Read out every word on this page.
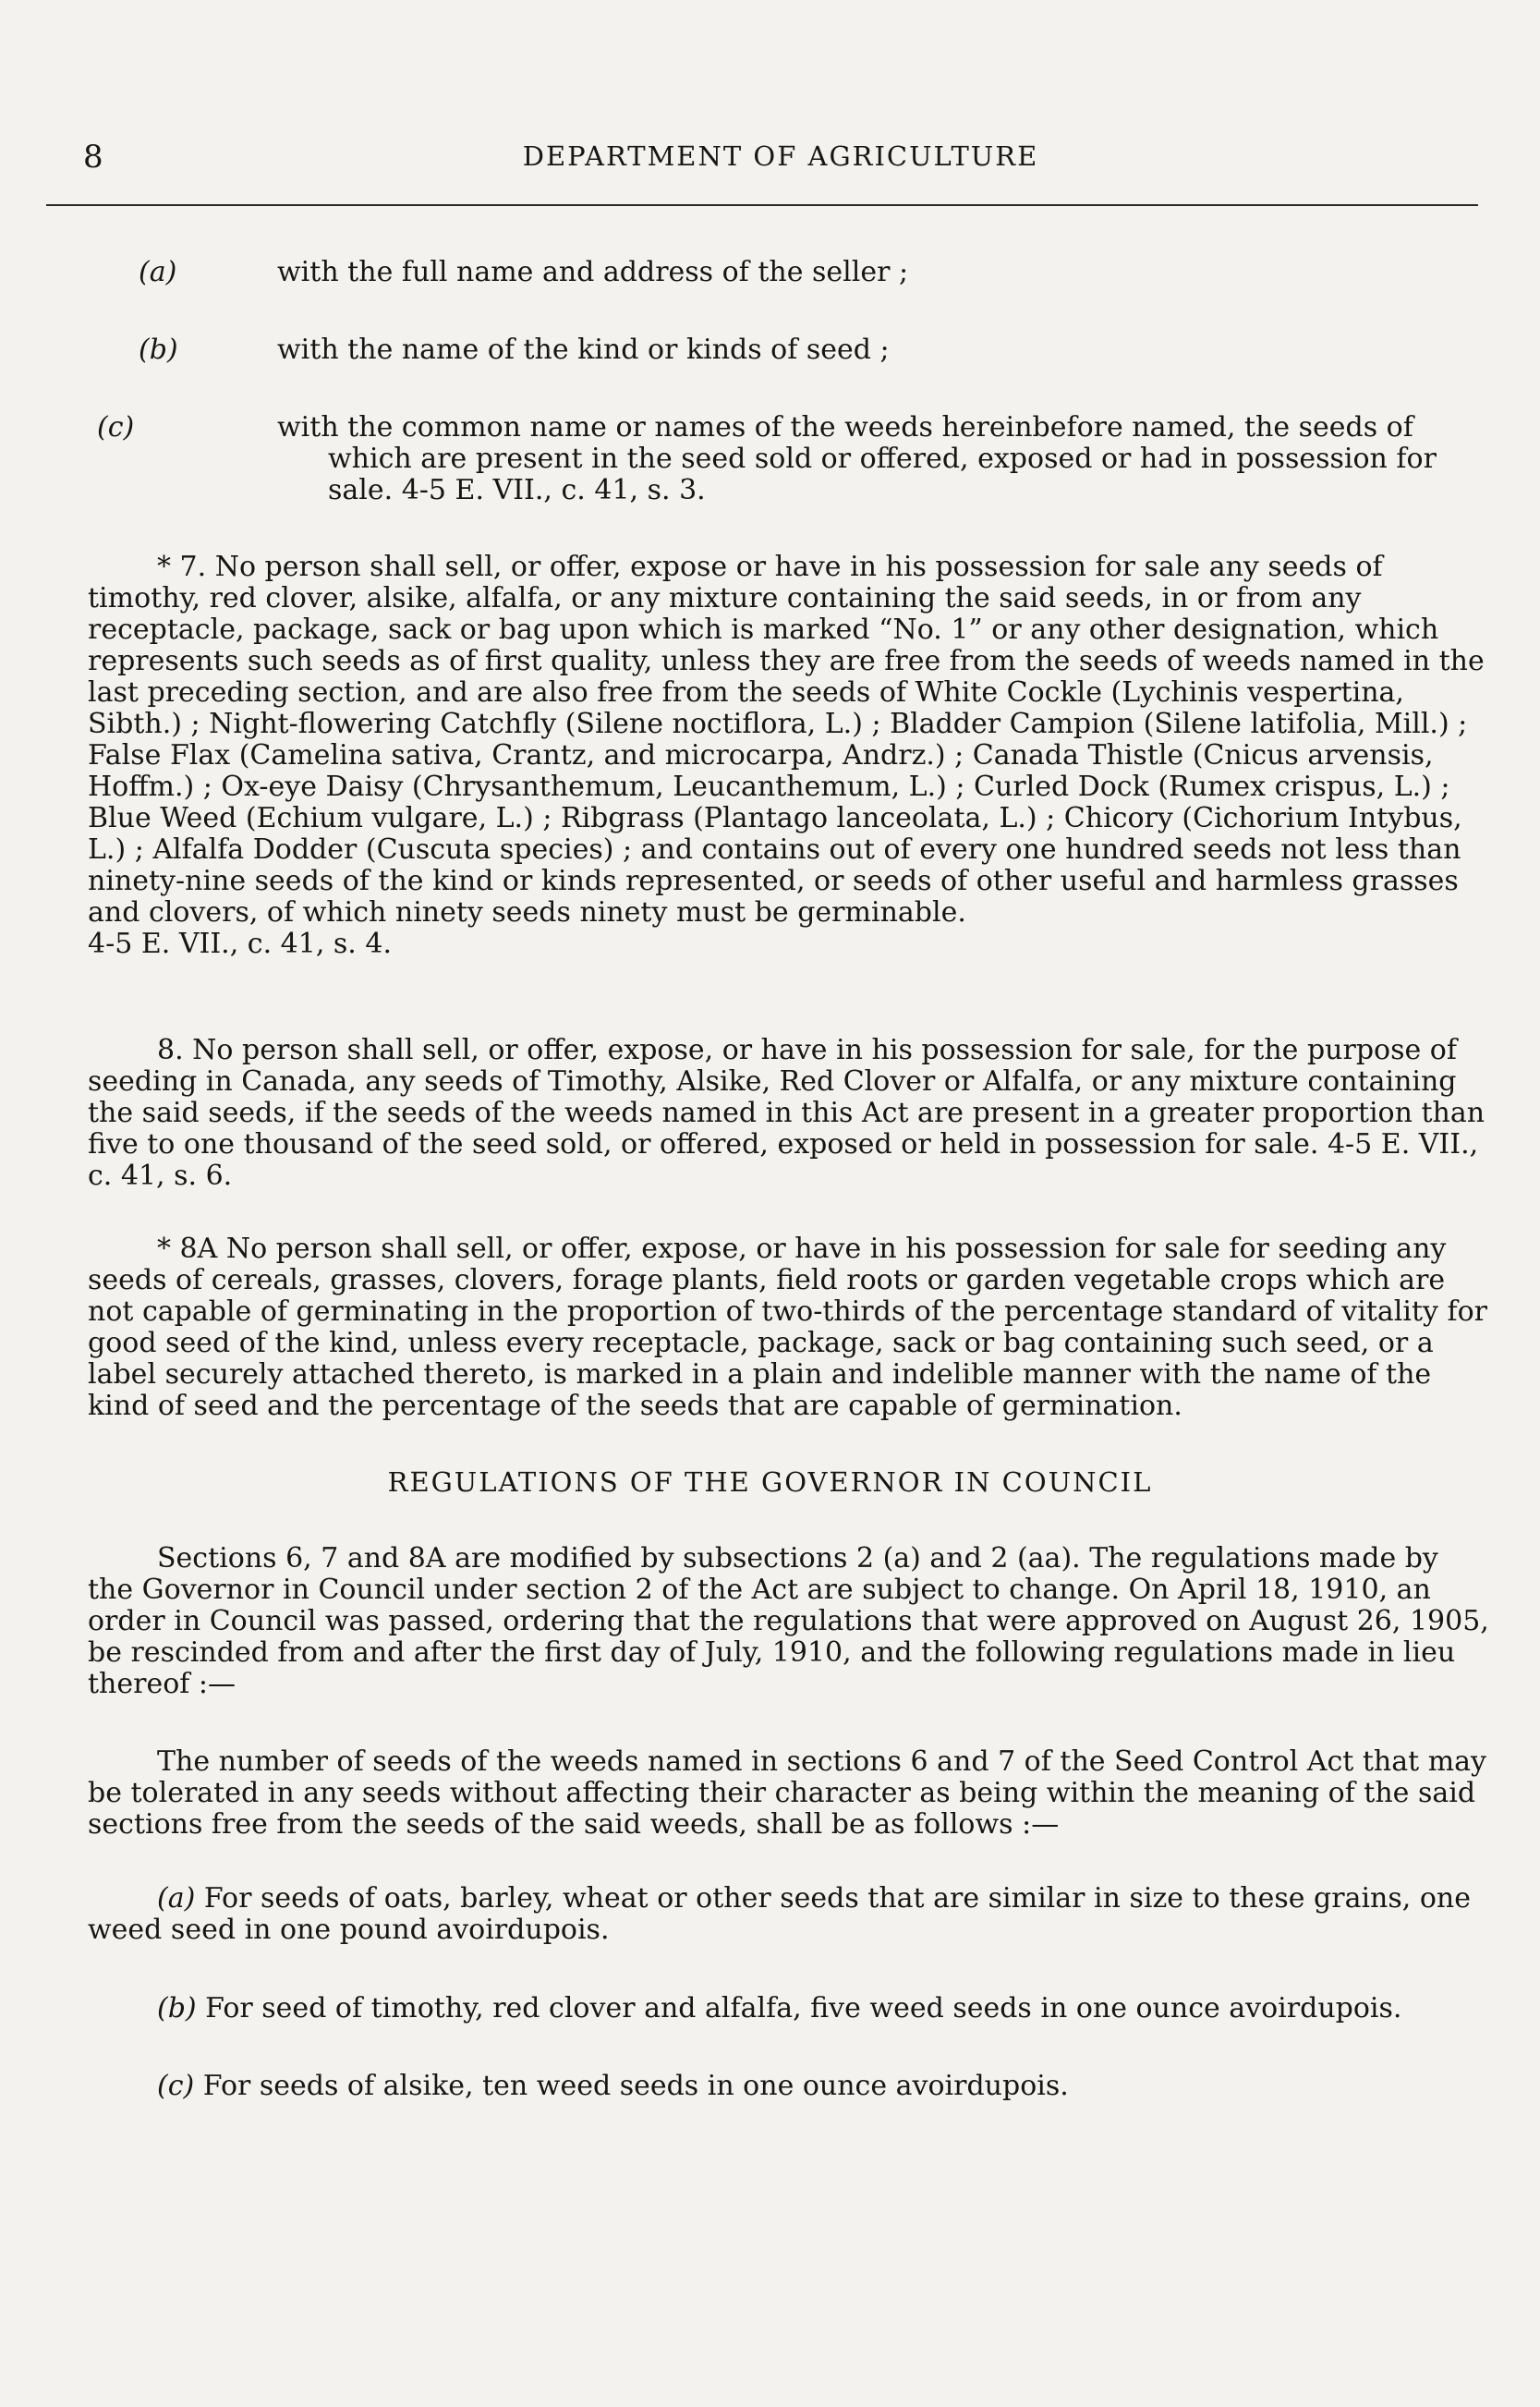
8	DEPARTMENT OF AGRICULTURE

(a)	with the full name and address of the seller ;

(b)	with the name of the kind or kinds of seed ;

(c)	with the common name or names of the weeds hereinbefore named, the seeds of which are present in the seed sold or offered, exposed or had in possession for sale. 4-5 E. VII., c. 41, s. 3.

* 7. No person shall sell, or offer, expose or have in his possession for sale any seeds of timothy, red clover, alsike, alfalfa, or any mixture containing the said seeds, in or from any receptacle, package, sack or bag upon which is marked “No. 1” or any other designation, which represents such seeds as of first quality, unless they are free from the seeds of weeds named in the last preceding section, and are also free from the seeds of White Cockle (Lychinis vespertina, Sibth.) ; Night-flowering Catchfly (Silene noctiflora, L.) ; Bladder Campion (Silene latifolia, Mill.) ; False Flax (Camelina sativa, Crantz, and microcarpa, Andrz.) ; Canada Thistle (Cnicus arvensis, Hoffm.) ; Ox-eye Daisy (Chrysanthemum, Leucanthemum, L.) ; Curled Dock (Rumex crispus, L.) ; Blue Weed (Echium vulgare, L.) ; Ribgrass (Plantago lanceolata, L.) ; Chicory (Cichorium Intybus, L.) ; Alfalfa Dodder (Cuscuta species) ; and contains out of every one hundred seeds not less than ninety-nine seeds of the kind or kinds represented, or seeds of other useful and harmless grasses and clovers, of which ninety seeds ninety must be germinable.

4-5 E. VII., c. 41, s. 4.

8. No person shall sell, or offer, expose, or have in his possession for sale, for the purpose of seeding in Canada, any seeds of Timothy, Alsike, Red Clover or Alfalfa, or any mixture containing the said seeds, if the seeds of the weeds named in this Act are present in a greater proportion than five to one thousand of the seed sold, or offered, exposed or held in possession for sale. 4-5 E. VII., c. 41, s. 6.

* 8A No person shall sell, or offer, expose, or have in his possession for sale for seeding any seeds of cereals, grasses, clovers, forage plants, field roots or garden vegetable crops which are not capable of germinating in the proportion of two-thirds of the percentage standard of vitality for good seed of the kind, unless every receptacle, package, sack or bag containing such seed, or a label securely attached thereto, is marked in a plain and indelible manner with the name of the kind of seed and the percentage of the seeds that are capable of germination.

REGULATIONS OF THE GOVERNOR IN COUNCIL

Sections 6, 7 and 8A are modified by subsections 2 (a) and 2 (aa). The regulations made by the Governor in Council under section 2 of the Act are subject to change. On April 18, 1910, an order in Council was passed, ordering that the regulations that were approved on August 26, 1905, be rescinded from and after the first day of July, 1910, and the following regulations made in lieu thereof :—

The number of seeds of the weeds named in sections 6 and 7 of the Seed Control Act that may be tolerated in any seeds without affecting their character as being within the meaning of the said sections free from the seeds of the said weeds, shall be as follows :—

(a) For seeds of oats, barley, wheat or other seeds that are similar in size to these grains, one weed seed in one pound avoirdupois.

(b) For seed of timothy, red clover and alfalfa, five weed seeds in one ounce avoirdupois.

(c) For seeds of alsike, ten weed seeds in one ounce avoirdupois.
